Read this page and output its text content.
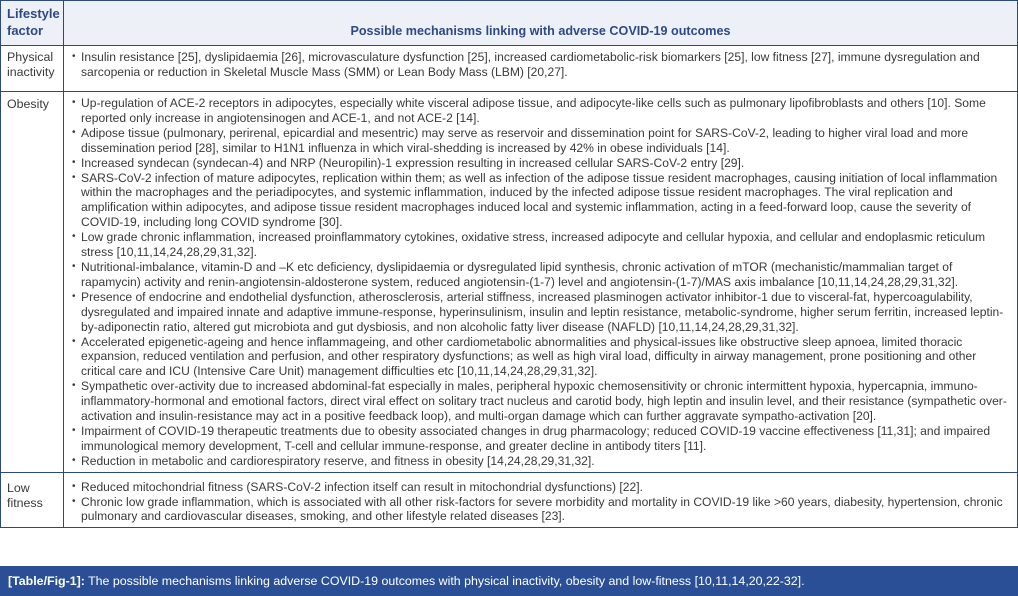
Lifestyle factor	Possible mechanisms linking with adverse COVID-19 outcomes
Physical inactivity
• Insulin resistance [25], dyslipidaemia [26], microvasculature dysfunction [25], increased cardiometabolic-risk biomarkers [25], low fitness [27], immune dysregulation and sarcopenia or reduction in Skeletal Muscle Mass (SMM) or Lean Body Mass (LBM) [20,27].
Obesity	• Up-regulation of ACE-2 receptors in adipocytes, especially white visceral adipose tissue, and adipocyte-like cells such as pulmonary lipofibroblasts and others [10]. Some reported only increase in angiotensinogen and ACE-1, and not ACE-2 [14].
• Adipose tissue (pulmonary, perirenal, epicardial and mesentric) may serve as reservoir and dissemination point for SARS-CoV-2, leading to higher viral load and more dissemination period [28], similar to H1N1 influenza in which viral-shedding is increased by 42% in obese individuals [14].
• Increased syndecan (syndecan-4) and NRP (Neuropilin)-1 expression resulting in increased cellular SARS-CoV-2 entry [29].
• SARS-CoV-2 infection of mature adipocytes, replication within them; as well as infection of the adipose tissue resident macrophages, causing initiation of local inflammation within the macrophages and the periadipocytes, and systemic inflammation, induced by the infected adipose tissue resident macrophages. The viral replication and amplification within adipocytes, and adipose tissue resident macrophages induced local and systemic inflammation, acting in a feed-forward loop, cause the severity of COVID-19, including long COVID syndrome [30].
• Low grade chronic inflammation, increased proinflammatory cytokines, oxidative stress, increased adipocyte and cellular hypoxia, and cellular and endoplasmic reticulum stress [10,11,14,24,28,29,31,32].
• Nutritional-imbalance, vitamin-D and –K etc deficiency, dyslipidaemia or dysregulated lipid synthesis, chronic activation of mTOR (mechanistic/mammalian target of rapamycin) activity and renin-angiotensin-aldosterone system, reduced angiotensin-(1-7) level and angiotensin-(1-7)/MAS axis imbalance [10,11,14,24,28,29,31,32].
• Presence of endocrine and endothelial dysfunction, atherosclerosis, arterial stiffness, increased plasminogen activator inhibitor-1 due to visceral-fat, hypercoagulability, dysregulated and impaired innate and adaptive immune-response, hyperinsulinism, insulin and leptin resistance, metabolic-syndrome, higher serum ferritin, increased leptin-by-adiponectin ratio, altered gut microbiota and gut dysbiosis, and non alcoholic fatty liver disease (NAFLD) [10,11,14,24,28,29,31,32].
• Accelerated epigenetic-ageing and hence inflammageing, and other cardiometabolic abnormalities and physical-issues like obstructive sleep apnoea, limited thoracic expansion, reduced ventilation and perfusion, and other respiratory dysfunctions; as well as high viral load, difficulty in airway management, prone positioning and other critical care and ICU (Intensive Care Unit) management difficulties etc [10,11,14,24,28,29,31,32].
• Sympathetic over-activity due to increased abdominal-fat especially in males, peripheral hypoxic chemosensitivity or chronic intermittent hypoxia, hypercapnia, immuno-inflammatory-hormonal and emotional factors, direct viral effect on solitary tract nucleus and carotid body, high leptin and insulin level, and their resistance (sympathetic over-activation and insulin-resistance may act in a positive feedback loop), and multi-organ damage which can further aggravate sympatho-activation [20].
• Impairment of COVID-19 therapeutic treatments due to obesity associated changes in drug pharmacology; reduced COVID-19 vaccine effectiveness [11,31]; and impaired immunological memory development, T-cell and cellular immune-response, and greater decline in antibody titers [11].
• Reduction in metabolic and cardiorespiratory reserve, and fitness in obesity [14,24,28,29,31,32].
Low fitness
• Reduced mitochondrial fitness (SARS-CoV-2 infection itself can result in mitochondrial dysfunctions) [22].
• Chronic low grade inflammation, which is associated with all other risk-factors for severe morbidity and mortality in COVID-19 like >60 years, diabesity, hypertension, chronic pulmonary and cardiovascular diseases, smoking, and other lifestyle related diseases [23].
[Table/Fig-1]: The possible mechanisms linking adverse COVID-19 outcomes with physical inactivity, obesity and low-fitness [10,11,14,20,22-32].
